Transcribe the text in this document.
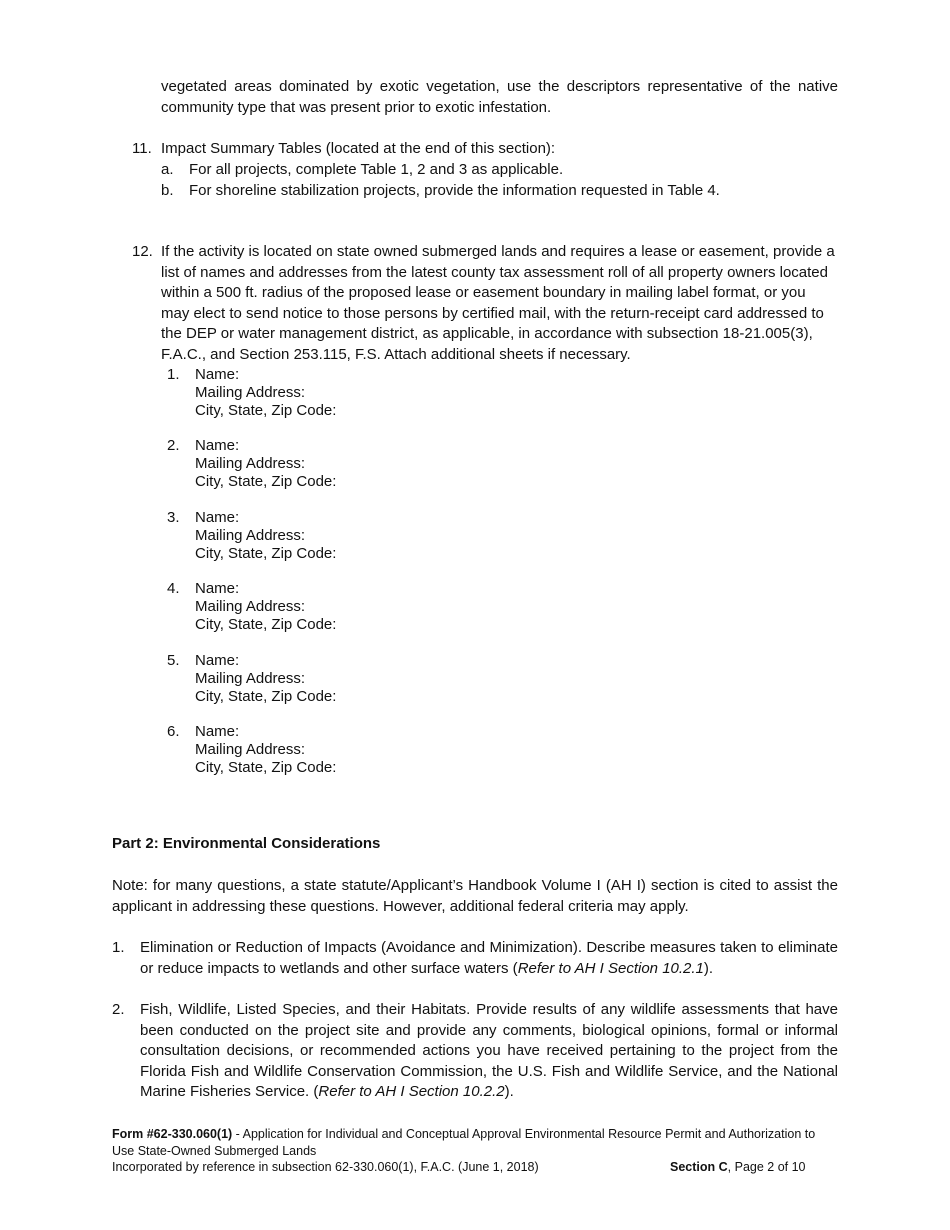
vegetated areas dominated by exotic vegetation, use the descriptors representative of the native community type that was present prior to exotic infestation.

11. Impact Summary Tables (located at the end of this section):

a. For all projects, complete Table 1, 2 and 3 as applicable.
b. For shoreline stabilization projects, provide the information requested in Table 4.
12. If the activity is located on state owned submerged lands and requires a lease or easement, provide a list of names and addresses from the latest county tax assessment roll of all property owners located within a 500 ft. radius of the proposed lease or easement boundary in mailing label format, or you may elect to send notice to those persons by certified mail, with the return-receipt card addressed to the DEP or water management district, as applicable, in accordance with subsection 18-21.005(3), F.A.C., and Section 253.115, F.S. Attach additional sheets if necessary.

1. Name:
Mailing Address:
City, State, Zip Code:
2. Name:
Mailing Address:
City, State, Zip Code:
3. Name:
Mailing Address:
City, State, Zip Code:
4. Name:
Mailing Address:
City, State, Zip Code:
5. Name:
Mailing Address:
City, State, Zip Code:
6. Name:
Mailing Address:
City, State, Zip Code:
Part 2: Environmental Considerations

Note: for many questions, a state statute/Applicant’s Handbook Volume I (AH I) section is cited to assist the applicant in addressing these questions. However, additional federal criteria may apply.

1. Elimination or Reduction of Impacts (Avoidance and Minimization). Describe measures taken to eliminate or reduce impacts to wetlands and other surface waters (Refer to AH I Section 10.2.1).

2. Fish, Wildlife, Listed Species, and their Habitats. Provide results of any wildlife assessments that have been conducted on the project site and provide any comments, biological opinions, formal or informal consultation decisions, or recommended actions you have received pertaining to the project from the Florida Fish and Wildlife Conservation Commission, the U.S. Fish and Wildlife Service, and the National Marine Fisheries Service. (Refer to AH I Section 10.2.2).

Form #62-330.060(1) - Application for Individual and Conceptual Approval Environmental Resource Permit and Authorization to Use State-Owned Submerged Lands
Incorporated by reference in subsection 62-330.060(1), F.A.C. (June 1, 2018)	Section C, Page 2 of 10
